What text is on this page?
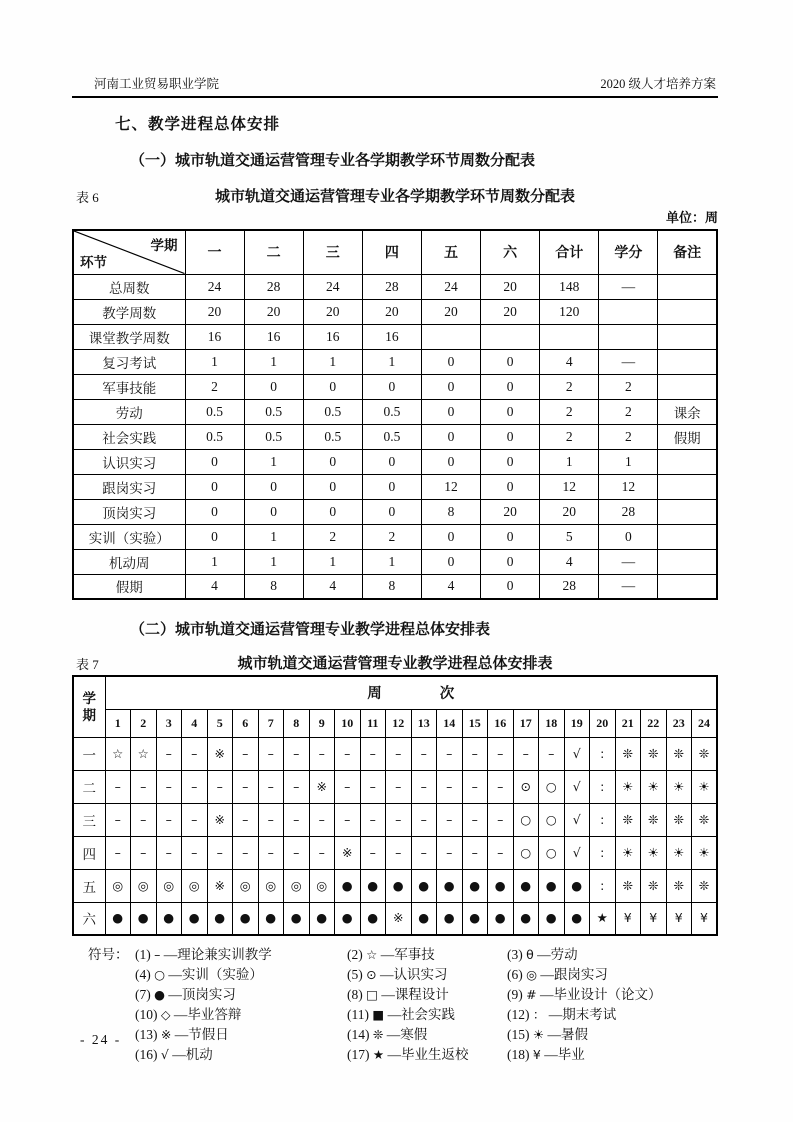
河南工业贸易职业学院	2020 级人才培养方案
七、教学进程总体安排
（一）城市轨道交通运营管理专业各学期教学环节周数分配表
表 6	城市轨道交通运营管理专业各学期教学环节周数分配表
单位：周
学期
环节	一	二	三	四	五	六	合计	学分	备注
总周数	24	28	24	28	24	20	148	—	
教学周数	20	20	20	20	20	20	120		
课堂教学周数	16	16	16	16					
复习考试	1	1	1	1	0	0	4	—	
军事技能	2	0	0	0	0	0	2	2	
劳动	0.5	0.5	0.5	0.5	0	0	2	2	课余
社会实践	0.5	0.5	0.5	0.5	0	0	2	2	假期
认识实习	0	1	0	0	0	0	1	1	
跟岗实习	0	0	0	0	12	0	12	12	
顶岗实习	0	0	0	0	8	20	20	28	
实训（实验）	0	1	2	2	0	0	5	0	
机动周	1	1	1	1	0	0	4	—	
假期	4	8	4	8	4	0	28	—	
（二）城市轨道交通运营管理专业教学进程总体安排表
表 7	城市轨道交通运营管理专业教学进程总体安排表
学
期	周 次																							
	1	2	3	4	5	6	7	8	9	10	11	12	13	14	15	16	17	18	19	20	21	22	23	24
一	☆	☆	–	–	※	–	–	–	–	–	–	–	–	–	–	–	–	–	√	:	❊	❊	❊	❊
二	–	–	–	–	–	–	–	–	※	–	–	–	–	–	–	–	⊙	○	√	:	☀	☀	☀	☀
三	–	–	–	–	※	–	–	–	–	–	–	–	–	–	–	–	○	○	√	:	❊	❊	❊	❊
四	–	–	–	–	–	–	–	–	–	※	–	–	–	–	–	–	○	○	√	:	☀	☀	☀	☀
五	◎	◎	◎	◎	※	◎	◎	◎	◎	●	●	●	●	●	●	●	●	●	●	:	❊	❊	❊	❊
六	●	●	●	●	●	●	●	●	●	●	●	※	●	●	●	●	●	●	●	★	¥	¥	¥	¥
符号： (1) – —理论兼实训教学	(2) ☆ —军事技	(3) θ —劳动
(4) ○ —实训（实验）	(5) ⊙ —认识实习	(6) ◎ —跟岗实习
(7) ● —顶岗实习	(8) □ —课程设计	(9) # —毕业设计（论文）
(10) ◇ —毕业答辩	(11) ■ —社会实践	(12) ： —期末考试
(13) ※ —节假日	(14) ❊ —寒假	(15) ☀ —暑假
(16) √ —机动	(17) ★ —毕业生返校	(18) ¥ —毕业
- 24 -
